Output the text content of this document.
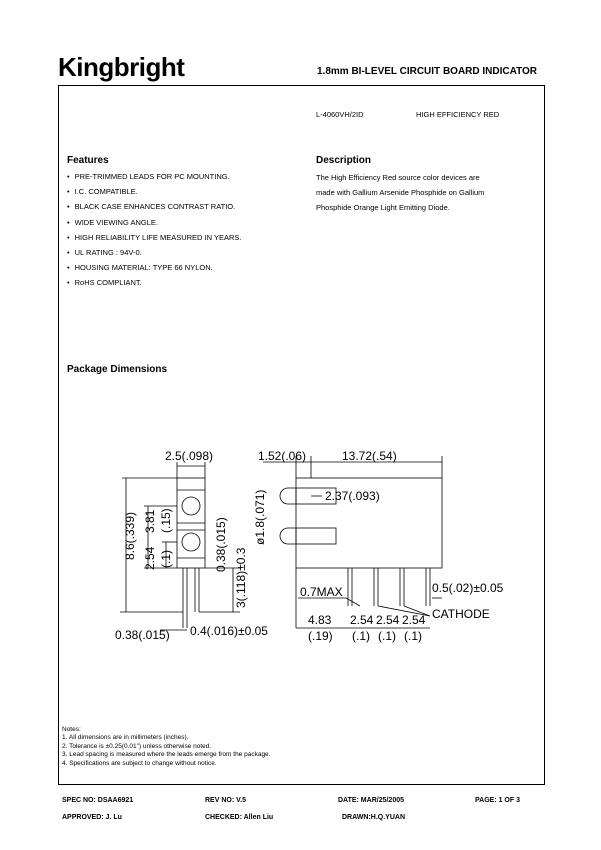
Kingbright	1.8mm BI-LEVEL CIRCUIT BOARD INDICATOR
L-4060VH/2ID	HIGH EFFICIENCY RED
Features
• PRE-TRIMMED LEADS FOR PC MOUNTING.
• I.C. COMPATIBLE.
• BLACK CASE ENHANCES CONTRAST RATIO.
• WIDE VIEWING ANGLE.
• HIGH RELIABILITY LIFE MEASURED IN YEARS.
• UL RATING : 94V-0.
• HOUSING MATERIAL: TYPE 66 NYLON.
• RoHS COMPLIANT.
Description
The High Efficiency Red source color devices are
made with Gallium Arsenide Phosphide on Gallium
Phosphide Orange Light Emitting Diode.
Package Dimensions
2.5(.098)
8.6(.339) 2.54 (.1)
3.81 (.15)	0.38(.015) ø1.8(.071)
3(.118)±0.3
0.38(.015) 0.4(.016)±0.05
1.52(.06)	13.72(.54)
2.37(.093)
0.7MAX	0.5(.02)±0.05
CATHODE
4.83
(.19)
2.54 2.54 2.54
(.1) (.1) (.1)
Notes:
1. All dimensions are in millimeters (inches).
2. Tolerance is ±0.25(0.01") unless otherwise noted.
3. Lead spacing is measured where the leads emerge from the package.
4. Specifications are subject to change without notice.
SPEC NO: DSAA6921	REV NO: V.5	DATE: MAR/25/2005	PAGE: 1 OF 3
APPROVED: J. Lu	CHECKED: Allen Liu	DRAWN:H.Q.YUAN
